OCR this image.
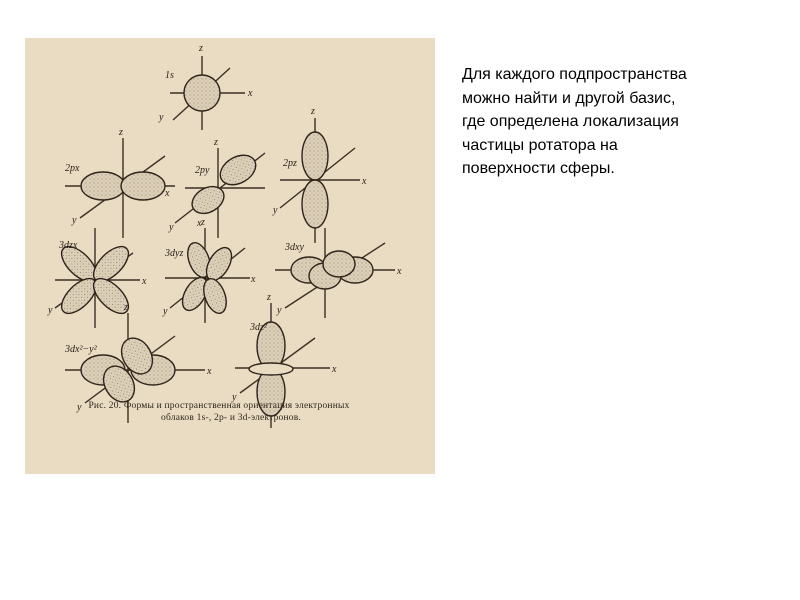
1s
z
x
y
2px
z
x
y
2py
z
x
y
2pz
z
x
y
3dzx
x
y
3dyz
z
x
y
3dxy
x
y
3dx²−y²
z
x
y
3dz²
z
x
y
Рис. 20. Формы и пространственная ориентация электронных
облаков 1s-, 2p- и 3d-электронов.
Для каждого подпространства
можно найти и другой базис,
где определена локализация
частицы ротатора на
поверхности сферы.
